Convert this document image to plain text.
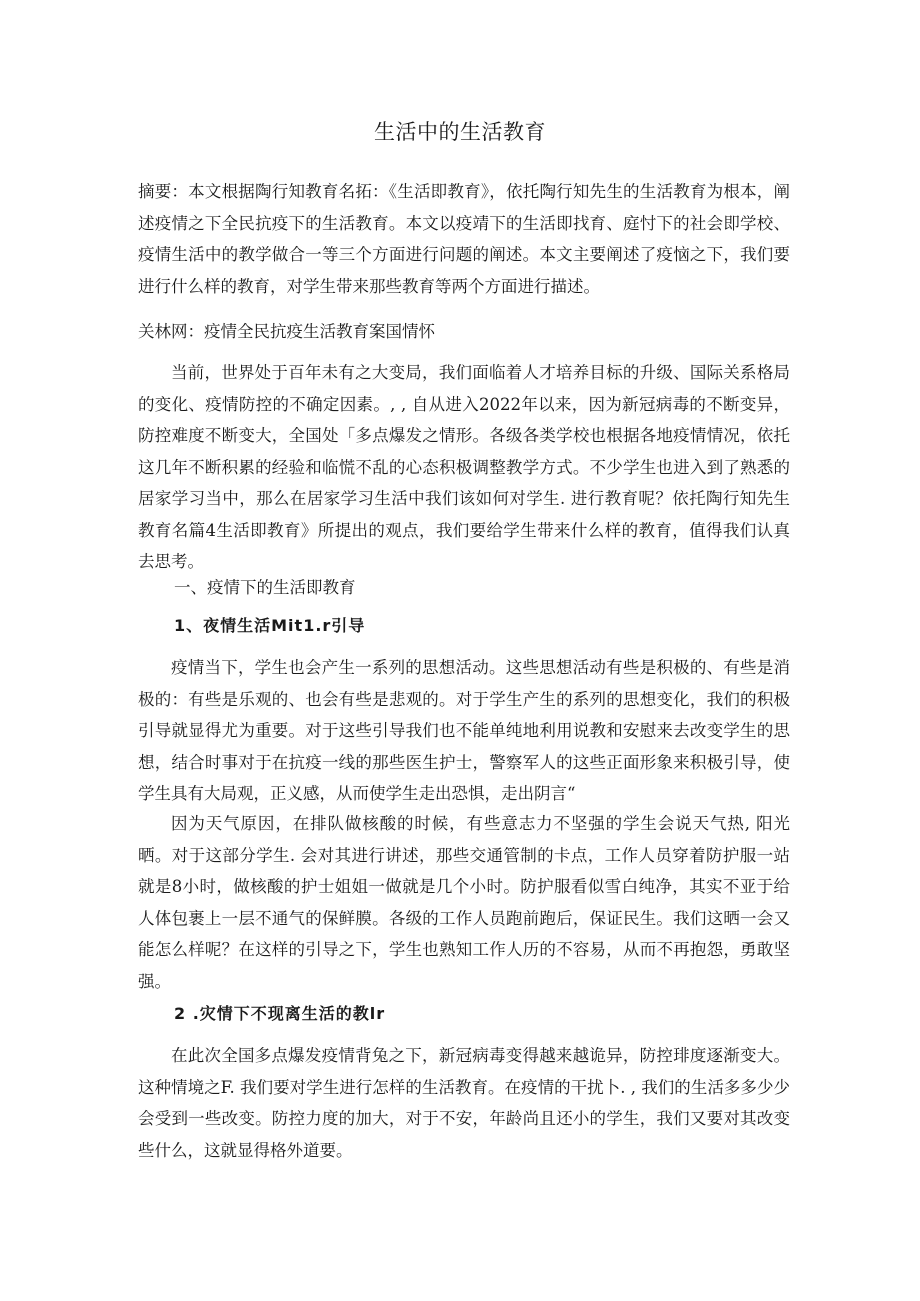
生活中的生活教育

摘要：本文根据陶行知教育名拓：《生活即教育》，依托陶行知先生的生活教育为根本，阐述疫情之下全民抗疫下的生活教育。本文以疫靖下的生活即找育、庭忖下的社会即学校、疫情生活中的教学做合一等三个方面进行问题的阐述。本文主要阐述了疫恼之下，我们要进行什么样的教育，对学生带来那些教育等两个方面进行描述。

关林网：疫情全民抗疫生活教育案国情怀

当前，世界处于百年未有之大变局，我们面临着人才培养目标的升级、国际关系格局的变化、疫情防控的不确定因素。, , 自从进入2022年以来，因为新冠病毒的不断变异，防控难度不断变大，全国处「多点爆发之情形。各级各类学校也根据各地疫情情况，依托这几年不断积累的经验和临慌不乱的心态积极调整教学方式。不少学生也进入到了熟悉的居家学习当中，那么在居家学习生活中我们该如何对学生. 进行教育呢？依托陶行知先生教育名篇4生活即教育》所提出的观点，我们要给学生带来什么样的教育，值得我们认真去思考。

一、疫情下的生活即教育
1、夜情生活Mit1.r引导

疫情当下，学生也会产生一系列的思想活动。这些思想活动有些是积极的、有些是消极的：有些是乐观的、也会有些是悲观的。对于学生产生的系列的思想变化，我们的积极引导就显得尤为重要。对于这些引导我们也不能单纯地利用说教和安慰来去改变学生的思想，结合时事对于在抗疫一线的那些医生护士，警察军人的这些正面形象来积极引导，使学生具有大局观，正义感，从而使学生走出恐惧，走出阴言“

因为天气原因，在排队做核酸的时候，有些意志力不坚强的学生会说天气热, 阳光晒。对于这部分学生. 会对其进行讲述，那些交通管制的卡点，工作人员穿着防护服一站就是8小时，做核酸的护士姐姐一做就是几个小时。防护服看似雪白纯净，其实不亚于给人体包裹上一层不通气的保鲜膜。各级的工作人员跑前跑后，保证民生。我们这晒一会又能怎么样呢？在这样的引导之下，学生也熟知工作人历的不容易，从而不再抱怨，勇敢坚强。

2 .灾情下不现离生活的教lr

在此次全国多点爆发疫情背兔之下，新冠病毒变得越来越诡异，防控琲度逐渐变大。这种情境之F. 我们要对学生进行怎样的生活教育。在疫情的干扰卜. , 我们的生活多多少少会受到一些改变。防控力度的加大，对于不安，年龄尚且还小的学生，我们又要对其改变些什么，这就显得格外道要。
